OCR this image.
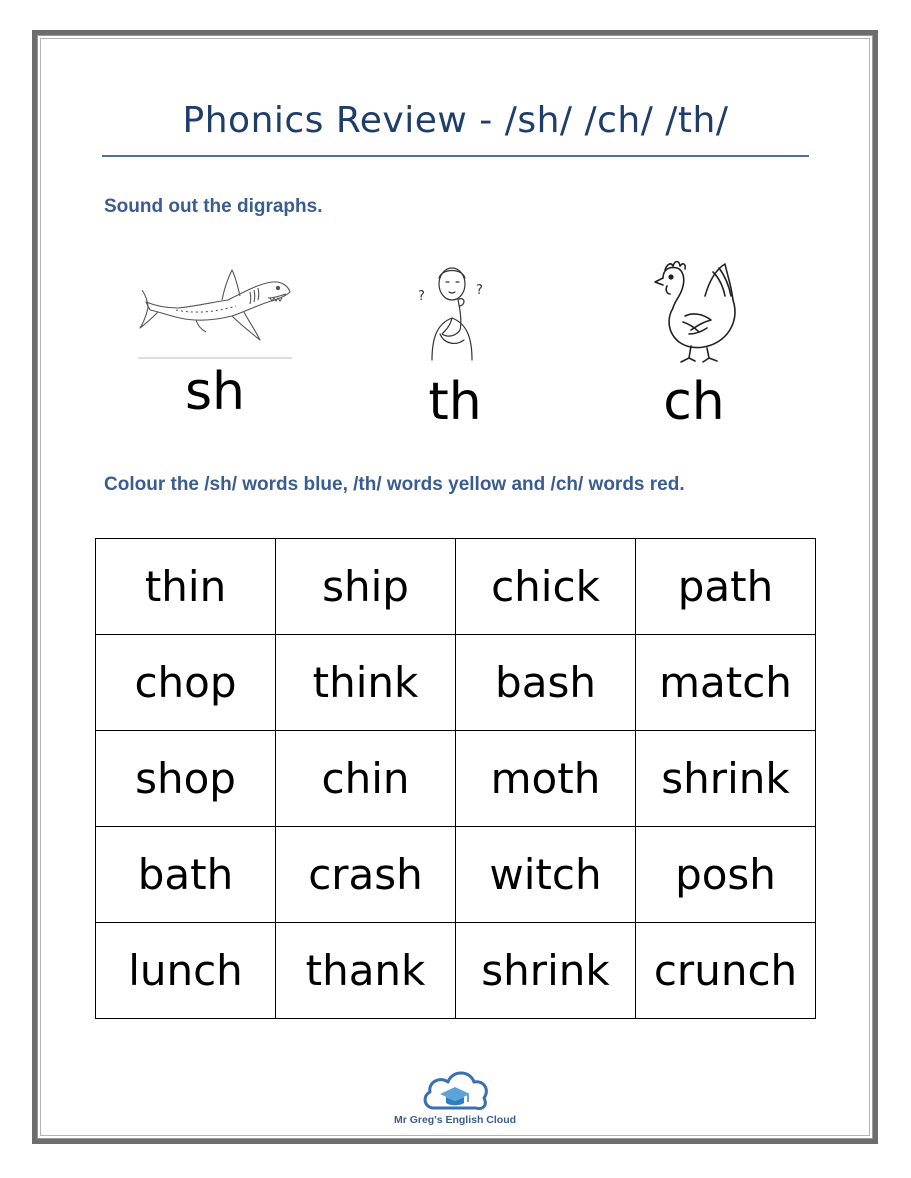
Phonics Review - /sh/ /ch/ /th/
Sound out the digraphs.
?	?
sh	th	ch
Colour the /sh/ words blue, /th/ words yellow and /ch/ words red.
thin	ship	chick	path
chop	think	bash	match
shop	chin	moth	shrink
bath	crash	witch	posh
lunch	thank	shrink	crunch
Mr Greg's English Cloud
